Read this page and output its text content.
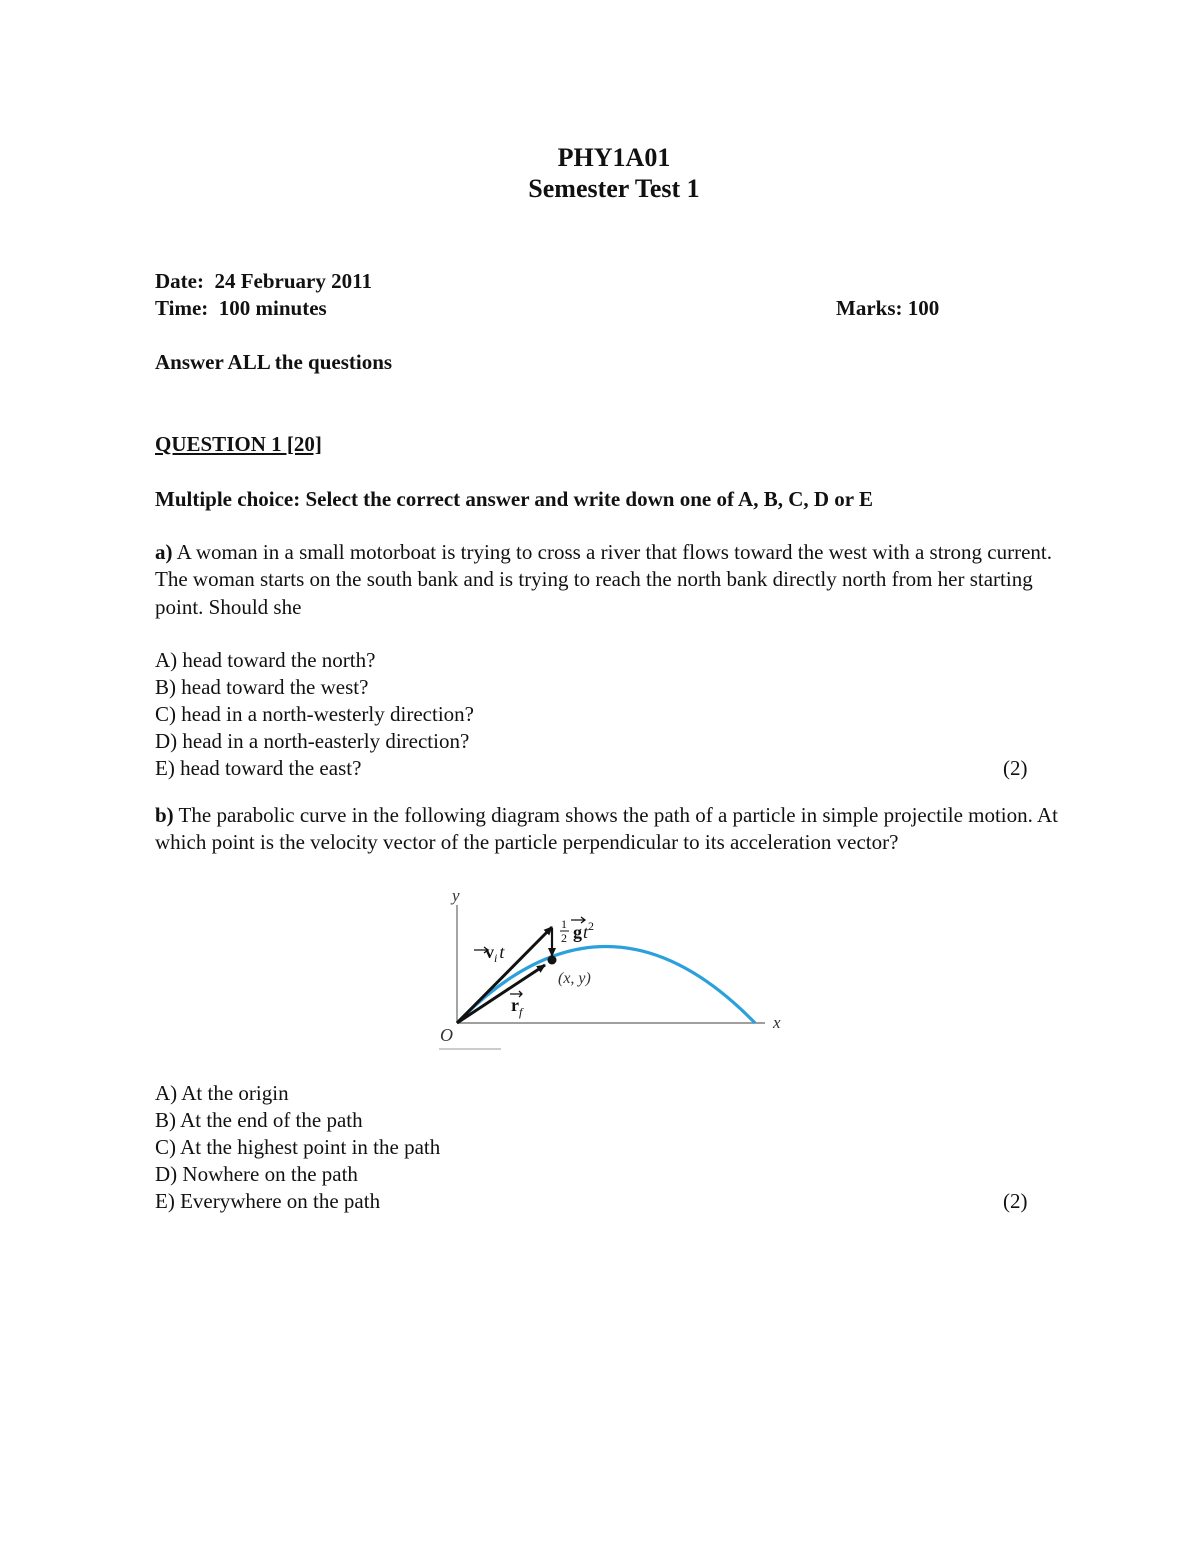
PHY1A01
Semester Test 1
Date: 24 February 2011
Time: 100 minutes	Marks: 100
Answer ALL the questions
QUESTION 1 [20]
Multiple choice: Select the correct answer and write down one of A, B, C, D or E
a) A woman in a small motorboat is trying to cross a river that flows toward the west with a strong current. The woman starts on the south bank and is trying to reach the north bank directly north from her starting point. Should she
A) head toward the north?
B) head toward the west?
C) head in a north-westerly direction?
D) head in a north-easterly direction?
E) head toward the east?	(2)
b) The parabolic curve in the following diagram shows the path of a particle in simple projectile motion. At which point is the velocity vector of the particle perpendicular to its acceleration vector?
y
x
O
$v_i$ t
1
2 $gt^2$
(x, y)
$r_f$
A) At the origin
B) At the end of the path
C) At the highest point in the path
D) Nowhere on the path
E) Everywhere on the path	(2)
